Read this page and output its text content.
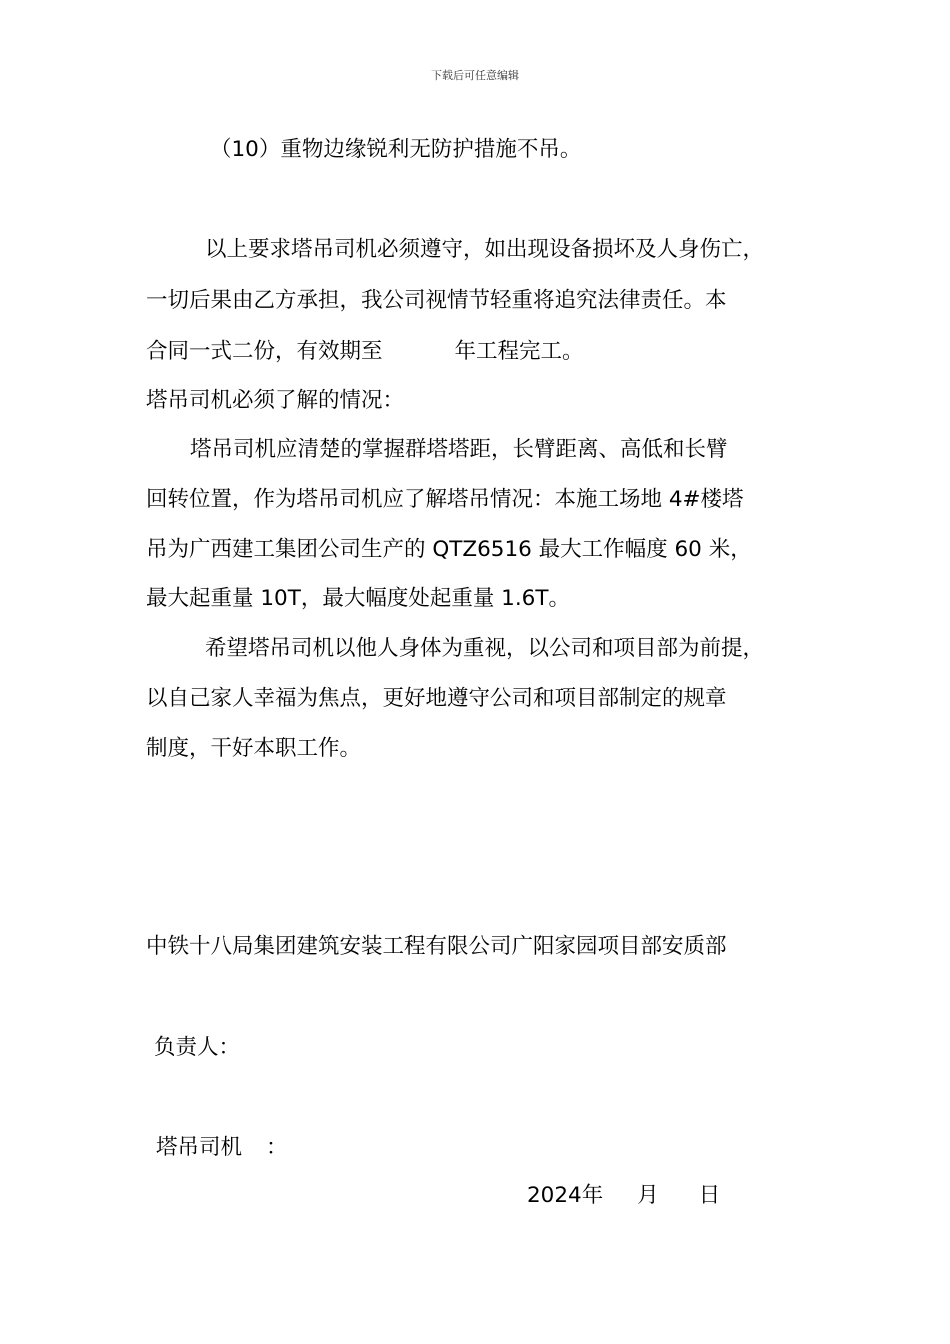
下载后可任意编辑
（10）重物边缘锐利无防护措施不吊。
以上要求塔吊司机必须遵守，如出现设备损坏及人身伤亡，
一切后果由乙方承担，我公司视情节轻重将追究法律责任。本
合同一式二份，有效期至	年工程完工。
塔吊司机必须了解的情况：
塔吊司机应清楚的掌握群塔塔距，长臂距离、高低和长臂
回转位置，作为塔吊司机应了解塔吊情况：本施工场地 4#楼塔
吊为广西建工集团公司生产的 QTZ6516 最大工作幅度 60 米，
最大起重量 10T，最大幅度处起重量 1.6T。
希望塔吊司机以他人身体为重视，以公司和项目部为前提，
以自己家人幸福为焦点，更好地遵守公司和项目部制定的规章
制度，干好本职工作。
中铁十八局集团建筑安装工程有限公司广阳家园项目部安质部
负责人：
塔吊司机 ：
2024年 月 日
